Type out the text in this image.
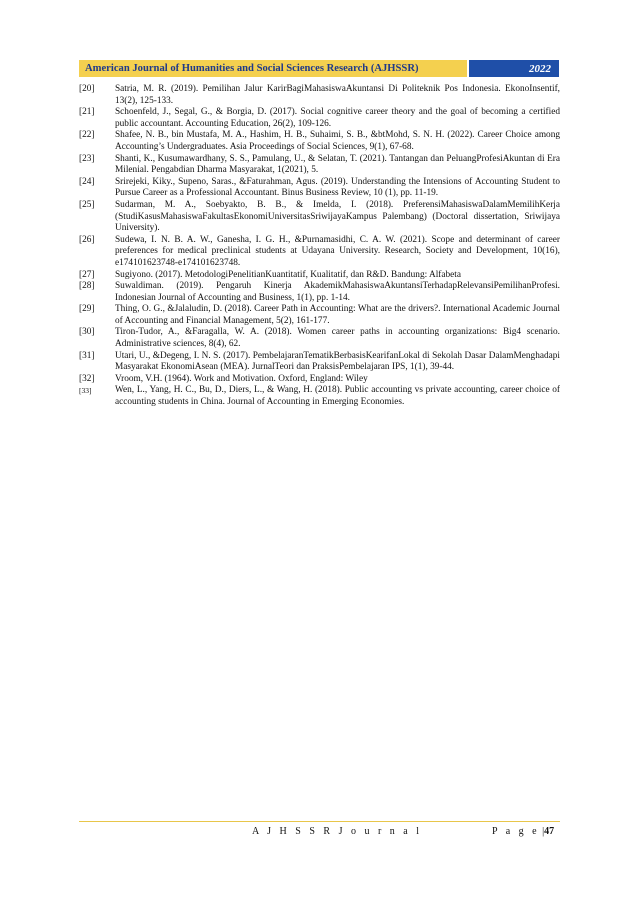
American Journal of Humanities and Social Sciences Research (AJHSSR)	2022
[20]	Satria, M. R. (2019). Pemilihan Jalur KarirBagiMahasiswaAkuntansi Di Politeknik Pos Indonesia. EkonoInsentif, 13(2), 125-133.
[21]	Schoenfeld, J., Segal, G., & Borgia, D. (2017). Social cognitive career theory and the goal of becoming a certified public accountant. Accounting Education, 26(2), 109-126.
[22]	Shafee, N. B., bin Mustafa, M. A., Hashim, H. B., Suhaimi, S. B., &btMohd, S. N. H. (2022). Career Choice among Accounting’s Undergraduates. Asia Proceedings of Social Sciences, 9(1), 67-68.
[23]	Shanti, K., Kusumawardhany, S. S., Pamulang, U., & Selatan, T. (2021). Tantangan dan PeluangProfesiAkuntan di Era Milenial. Pengabdian Dharma Masyarakat, 1(2021), 5.
[24]	Srirejeki, Kiky., Supeno, Saras., &Faturahman, Agus. (2019). Understanding the Intensions of Accounting Student to Pursue Career as a Professional Accountant. Binus Business Review, 10 (1), pp. 11-19.
[25]	Sudarman, M. A., Soebyakto, B. B., & Imelda, I. (2018). PreferensiMahasiswaDalamMemilihKerja (StudiKasusMahasiswaFakultasEkonomiUniversitasSriwijayaKampus Palembang) (Doctoral dissertation, Sriwijaya University).
[26]	Sudewa, I. N. B. A. W., Ganesha, I. G. H., &Purnamasidhi, C. A. W. (2021). Scope and determinant of career preferences for medical preclinical students at Udayana University. Research, Society and Development, 10(16), e174101623748-e174101623748.
[27]	Sugiyono. (2017). MetodologiPenelitianKuantitatif, Kualitatif, dan R&D. Bandung: Alfabeta
[28]	Suwaldiman. (2019). Pengaruh Kinerja AkademikMahasiswaAkuntansiTerhadapRelevansiPemilihanProfesi. Indonesian Journal of Accounting and Business, 1(1), pp. 1-14.
[29]	Thing, O. G., &Jalaludin, D. (2018). Career Path in Accounting: What are the drivers?. International Academic Journal of Accounting and Financial Management, 5(2), 161-177.
[30]	Tiron-Tudor, A., &Faragalla, W. A. (2018). Women career paths in accounting organizations: Big4 scenario. Administrative sciences, 8(4), 62.
[31]	Utari, U., &Degeng, I. N. S. (2017). PembelajaranTematikBerbasisKearifanLokal di Sekolah Dasar DalamMenghadapi Masyarakat EkonomiAsean (MEA). JurnalTeori dan PraksisPembelajaran IPS, 1(1), 39-44.
[32]	Vroom, V.H. (1964). Work and Motivation. Oxford, England: Wiley
[33]	Wen, L., Yang, H. C., Bu, D., Diers, L., & Wang, H. (2018). Public accounting vs private accounting, career choice of accounting students in China. Journal of Accounting in Emerging Economies.
A J H S S R J o u r n a l	P a g e |47
